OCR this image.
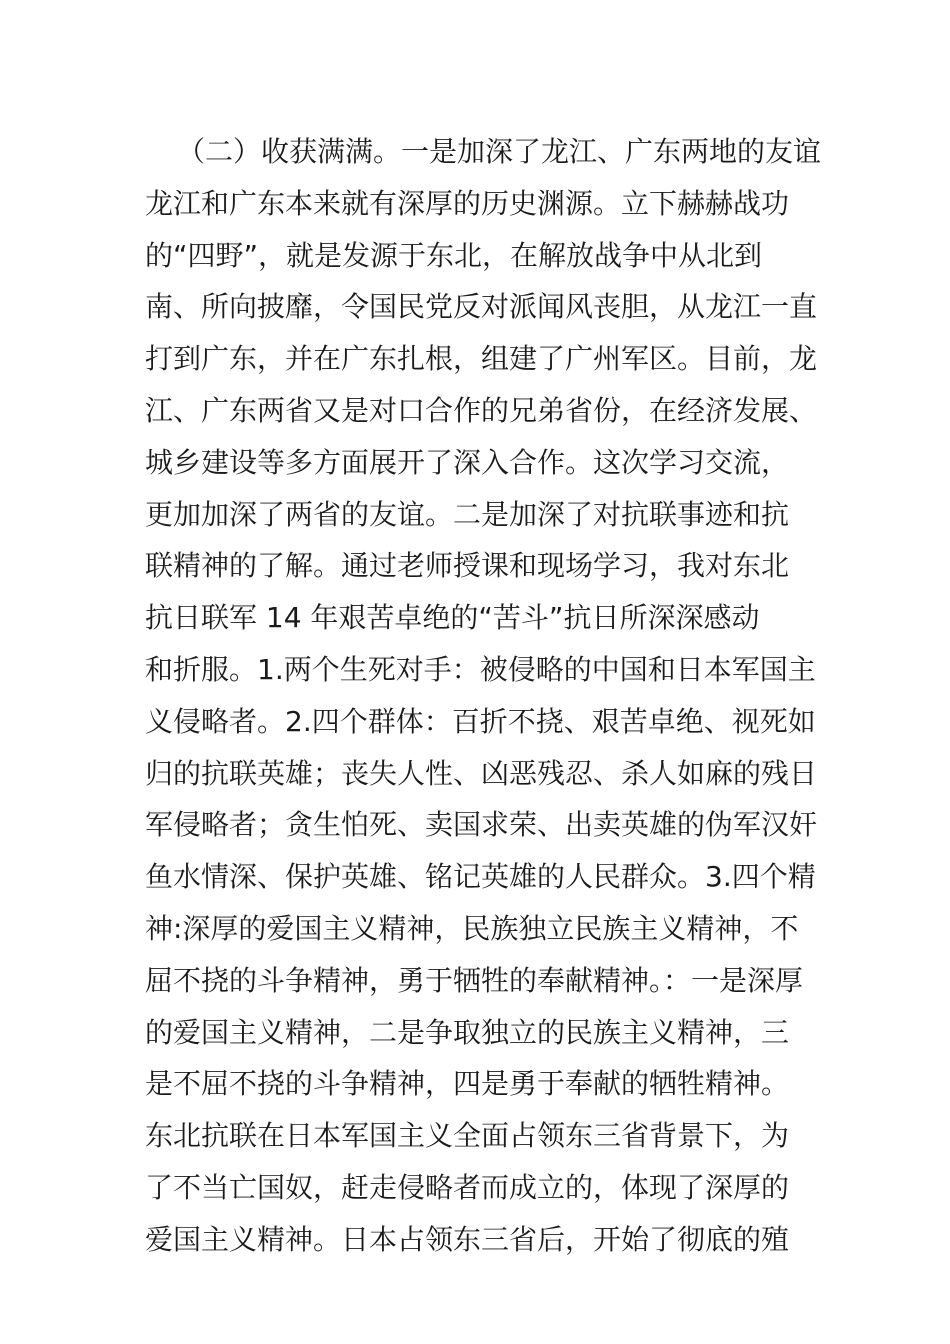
（二）收获满满。一是加深了龙江、广东两地的友谊
龙江和广东本来就有深厚的历史渊源。立下赫赫战功
的“四野”，就是发源于东北，在解放战争中从北到
南、所向披靡，令国民党反对派闻风丧胆，从龙江一直
打到广东，并在广东扎根，组建了广州军区。目前，龙
江、广东两省又是对口合作的兄弟省份，在经济发展、
城乡建设等多方面展开了深入合作。这次学习交流，
更加加深了两省的友谊。二是加深了对抗联事迹和抗
联精神的了解。通过老师授课和现场学习，我对东北
抗日联军 14 年艰苦卓绝的“苦斗”抗日所深深感动
和折服。1.两个生死对手：被侵略的中国和日本军国主
义侵略者。2.四个群体：百折不挠、艰苦卓绝、视死如
归的抗联英雄；丧失人性、凶恶残忍、杀人如麻的残日
军侵略者；贪生怕死、卖国求荣、出卖英雄的伪军汉奸
鱼水情深、保护英雄、铭记英雄的人民群众。3.四个精
神:深厚的爱国主义精神，民族独立民族主义精神，不
屈不挠的斗争精神，勇于牺牲的奉献精神。：一是深厚
的爱国主义精神，二是争取独立的民族主义精神，三
是不屈不挠的斗争精神，四是勇于奉献的牺牲精神。
东北抗联在日本军国主义全面占领东三省背景下，为
了不当亡国奴，赶走侵略者而成立的，体现了深厚的
爱国主义精神。日本占领东三省后，开始了彻底的殖
